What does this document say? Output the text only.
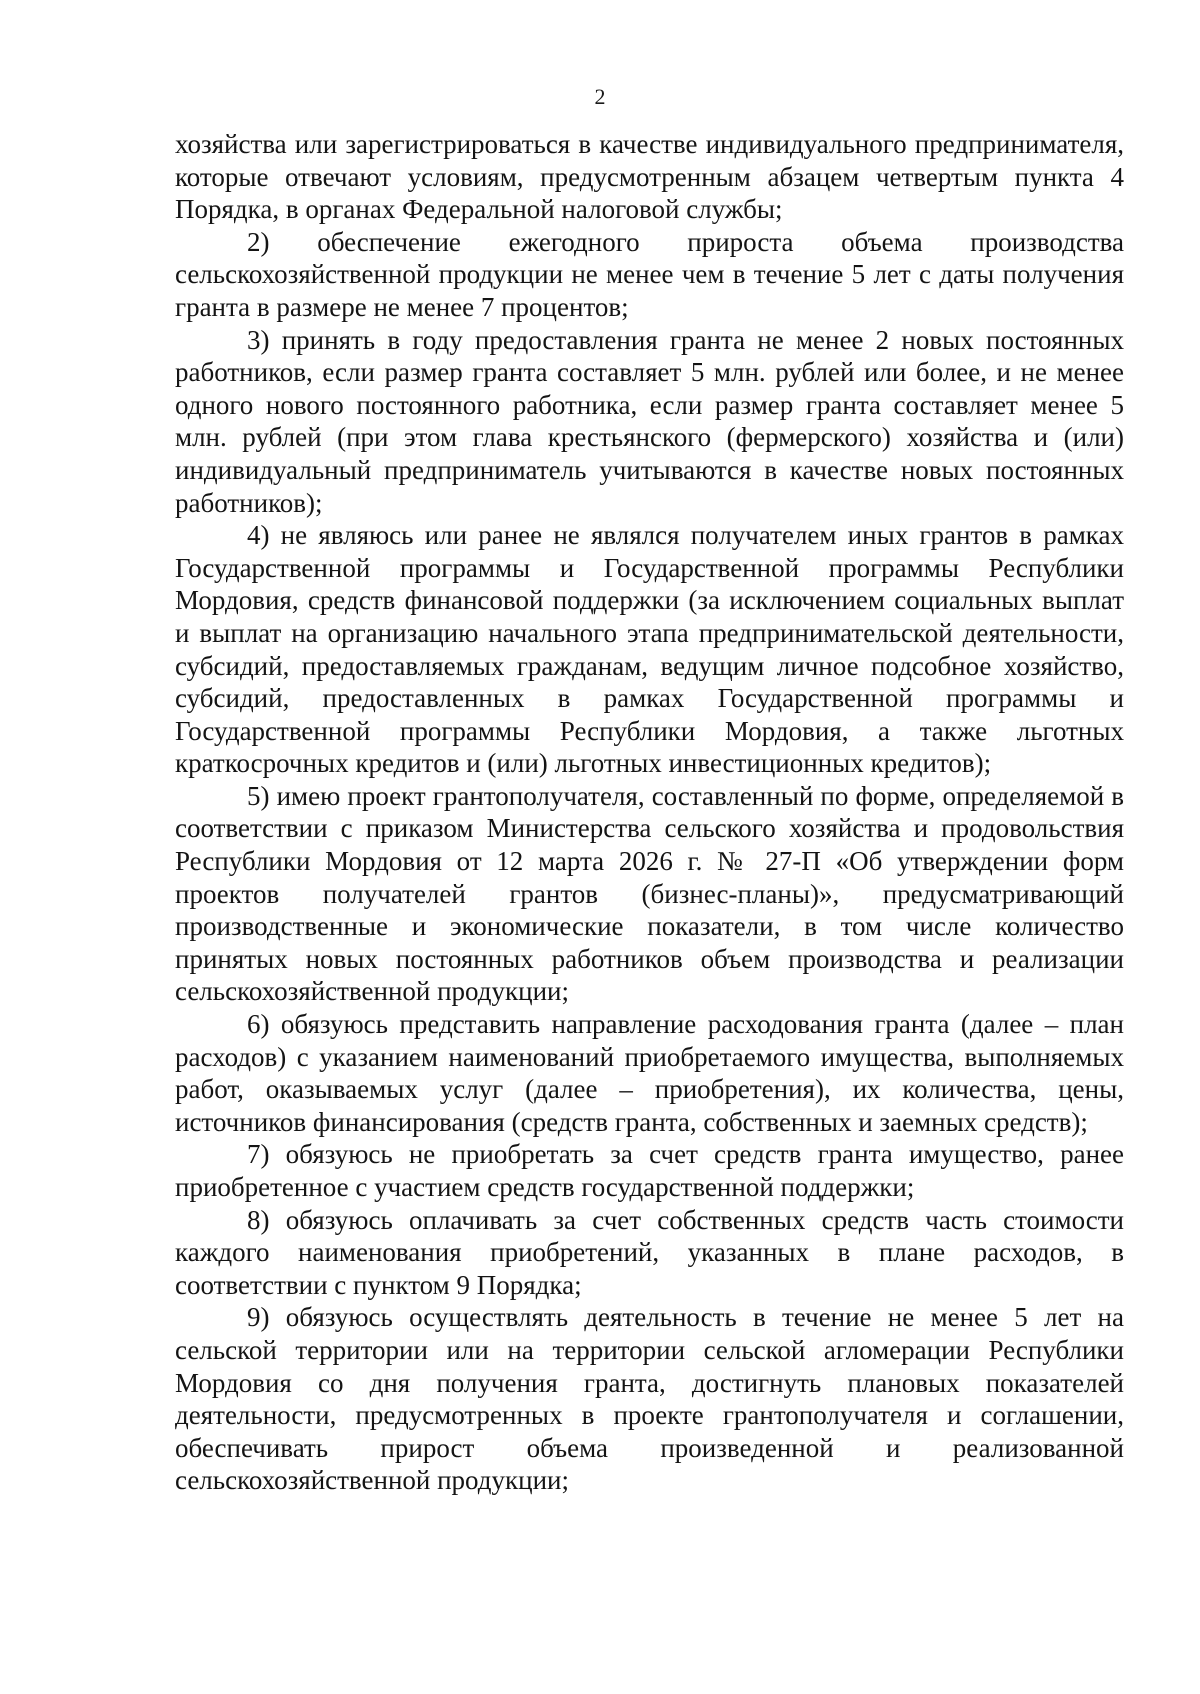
2

хозяйства или зарегистрироваться в качестве индивидуального предпринимателя, которые отвечают условиям, предусмотренным абзацем четвертым пункта 4 Порядка, в органах Федеральной налоговой службы;

2) обеспечение ежегодного прироста объема производства сельскохозяйственной продукции не менее чем в течение 5 лет с даты получения гранта в размере не менее 7 процентов;

3) принять в году предоставления гранта не менее 2 новых постоянных работников, если размер гранта составляет 5 млн. рублей или более, и не менее одного нового постоянного работника, если размер гранта составляет менее 5 млн. рублей (при этом глава крестьянского (фермерского) хозяйства и (или) индивидуальный предприниматель учитываются в качестве новых постоянных работников);

4) не являюсь или ранее не являлся получателем иных грантов в рамках Государственной программы и Государственной программы Республики Мордовия, средств финансовой поддержки (за исключением социальных выплат и выплат на организацию начального этапа предпринимательской деятельности, субсидий, предоставляемых гражданам, ведущим личное подсобное хозяйство, субсидий, предоставленных в рамках Государственной программы и Государственной программы Республики Мордовия, а также льготных краткосрочных кредитов и (или) льготных инвестиционных кредитов);

5) имею проект грантополучателя, составленный по форме, определяемой в соответствии с приказом Министерства сельского хозяйства и продовольствия Республики Мордовия от 12 марта 2026 г. № 27-П «Об утверждении форм проектов получателей грантов (бизнес-планы)», предусматривающий производственные и экономические показатели, в том числе количество принятых новых постоянных работников объем производства и реализации сельскохозяйственной продукции;

6) обязуюсь представить направление расходования гранта (далее – план расходов) с указанием наименований приобретаемого имущества, выполняемых работ, оказываемых услуг (далее – приобретения), их количества, цены, источников финансирования (средств гранта, собственных и заемных средств);

7) обязуюсь не приобретать за счет средств гранта имущество, ранее приобретенное с участием средств государственной поддержки;

8) обязуюсь оплачивать за счет собственных средств часть стоимости каждого наименования приобретений, указанных в плане расходов, в соответствии с пунктом 9 Порядка;

9) обязуюсь осуществлять деятельность в течение не менее 5 лет на сельской территории или на территории сельской агломерации Республики Мордовия со дня получения гранта, достигнуть плановых показателей деятельности, предусмотренных в проекте грантополучателя и соглашении, обеспечивать прирост объема произведенной и реализованной сельскохозяйственной продукции;
